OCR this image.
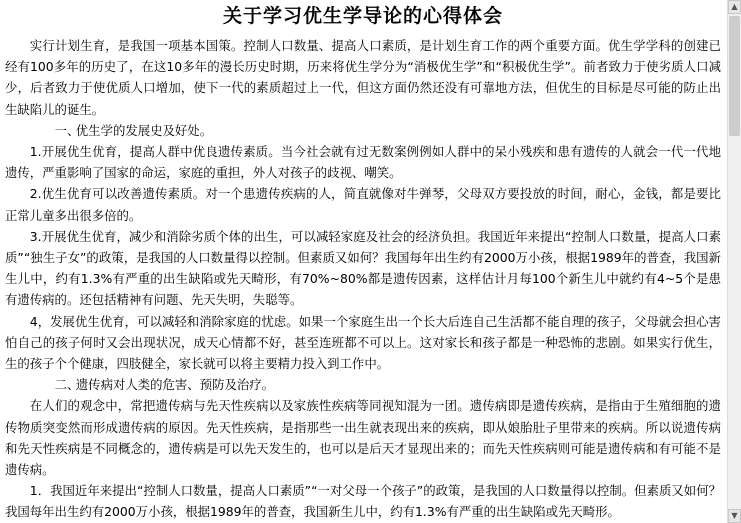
关于学习优生学导论的心得体会

实行计划生育，是我国一项基本国策。控制人口数量、提高人口素质，是计划生育工作的两个重要方面。优生学学科的创建已经有100多年的历史了，在这10多年的漫长历史时期，历来将优生学分为“消极优生学”和“积极优生学”。前者致力于使劣质人口减少，后者致力于使优质人口增加，使下一代的素质超过上一代，但这方面仍然还没有可靠地方法，但优生的目标是尽可能的防止出生缺陷儿的诞生。

一、优生学的发展史及好处。

1.开展优生优育，提高人群中优良遗传素质。当今社会就有过无数案例例如人群中的呆小残疾和患有遗传的人就会一代一代地遗传，严重影响了国家的命运，家庭的重担，外人对孩子的歧视、嘲笑。

2.优生优育可以改善遗传素质。对一个患遗传疾病的人，简直就像对牛弹琴，父母双方要投放的时间，耐心，金钱，都是要比正常儿童多出很多倍的。

3.开展优生优育，减少和消除劣质个体的出生，可以减轻家庭及社会的经济负担。我国近年来提出“控制人口数量，提高人口素质”“独生子女”的政策，是我国的人口数量得以控制。但素质又如何？我国每年出生约有2000万小孩，根据1989年的普查，我国新生儿中，约有1.3%有严重的出生缺陷或先天畸形，有70%~80%都是遗传因素，这样估计月每100个新生儿中就约有4~5个是患有遗传病的。还包括精神有问题、先天失明，失聪等。

4，发展优生优育，可以减轻和消除家庭的忧虑。如果一个家庭生出一个长大后连自己生活都不能自理的孩子，父母就会担心害怕自己的孩子何时又会出现状况，成天心情都不好，甚至连班都不可以上。这对家长和孩子都是一种恐怖的悲剧。如果实行优生，生的孩子个个健康，四肢健全，家长就可以将主要精力投入到工作中。

二、遗传病对人类的危害、预防及治疗。

在人们的观念中，常把遗传病与先天性疾病以及家族性疾病等同视知混为一团。遗传病即是遗传疾病，是指由于生殖细胞的遗传物质突变然而形成遗传病的原因。先天性疾病，是指那些一出生就表现出来的疾病，即从娘胎肚子里带来的疾病。所以说遗传病和先天性疾病是不同概念的，遗传病是可以先天发生的，也可以是后天才显现出来的；而先天性疾病则可能是遗传病和有可能不是遗传病。

1．我国近年来提出“控制人口数量，提高人口素质”“一对父母一个孩子”的政策，是我国的人口数量得以控制。但素质又如何？我国每年出生约有2000万小孩，根据1989年的普查，我国新生儿中，约有1.3%有严重的出生缺陷或先天畸形。

▲
▼
